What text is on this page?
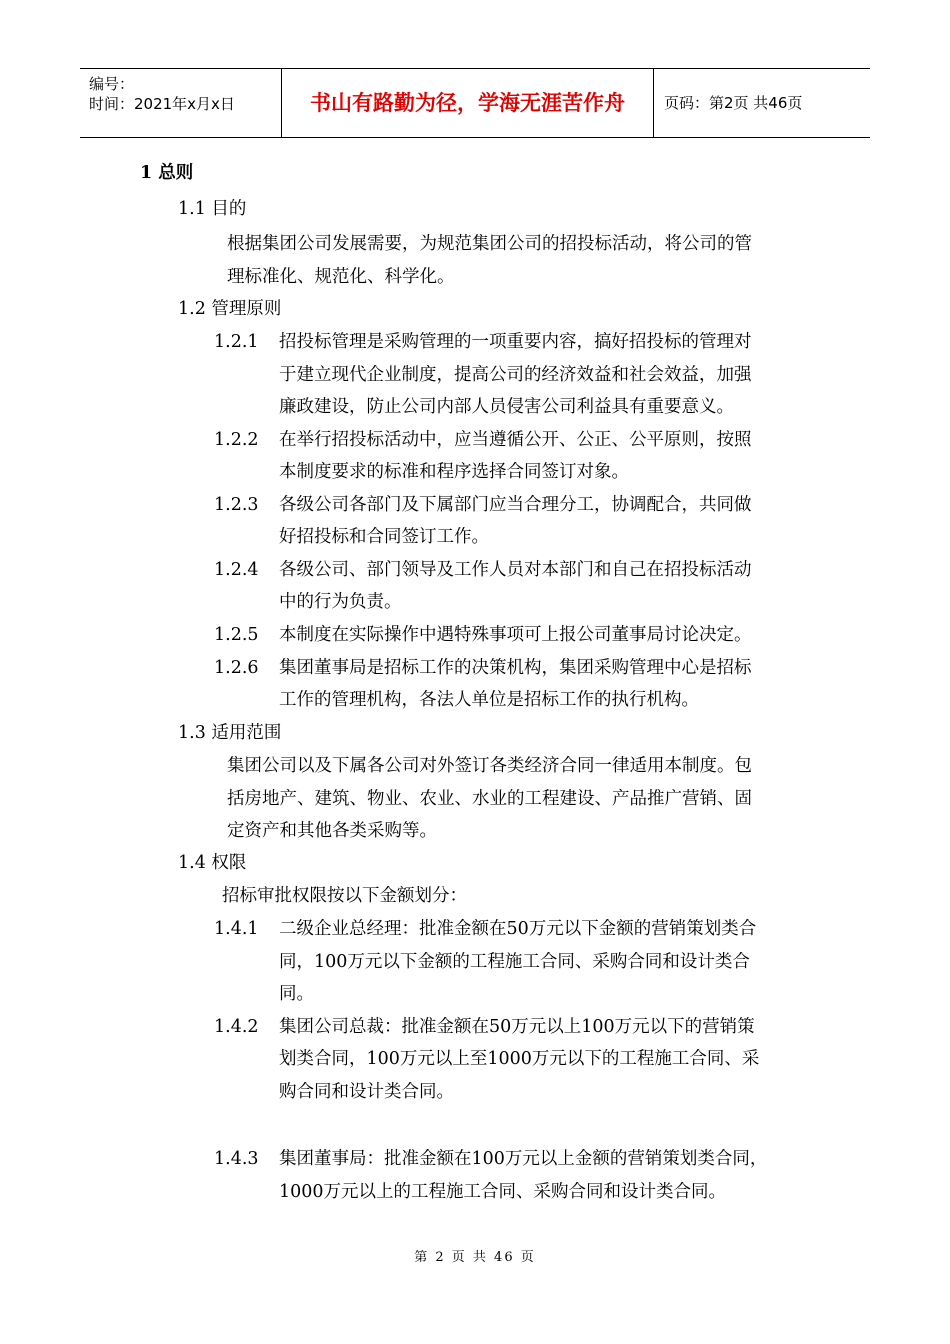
编号：
时间：2021年x月x日	书山有路勤为径，学海无涯苦作舟	页码：第2页 共46页
1 总则
1.1 目的
根据集团公司发展需要，为规范集团公司的招投标活动，将公司的管
理标准化、规范化、科学化。
1.2 管理原则
1.2.1 招投标管理是采购管理的一项重要内容，搞好招投标的管理对
于建立现代企业制度，提高公司的经济效益和社会效益，加强
廉政建设，防止公司内部人员侵害公司利益具有重要意义。
1.2.2 在举行招投标活动中，应当遵循公开、公正、公平原则，按照
本制度要求的标准和程序选择合同签订对象。
1.2.3 各级公司各部门及下属部门应当合理分工，协调配合，共同做
好招投标和合同签订工作。
1.2.4 各级公司、部门领导及工作人员对本部门和自己在招投标活动
中的行为负责。
1.2.5 本制度在实际操作中遇特殊事项可上报公司董事局讨论决定。
1.2.6 集团董事局是招标工作的决策机构，集团采购管理中心是招标
工作的管理机构，各法人单位是招标工作的执行机构。
1.3 适用范围
集团公司以及下属各公司对外签订各类经济合同一律适用本制度。包
括房地产、建筑、物业、农业、水业的工程建设、产品推广营销、固
定资产和其他各类采购等。
1.4 权限
招标审批权限按以下金额划分：
1.4.1 二级企业总经理：批准金额在50万元以下金额的营销策划类合
同，100万元以下金额的工程施工合同、采购合同和设计类合
同。
1.4.2 集团公司总裁：批准金额在50万元以上100万元以下的营销策
划类合同，100万元以上至1000万元以下的工程施工合同、采
购合同和设计类合同。
1.4.3 集团董事局：批准金额在100万元以上金额的营销策划类合同，
1000万元以上的工程施工合同、采购合同和设计类合同。
第 2 页 共 46 页
